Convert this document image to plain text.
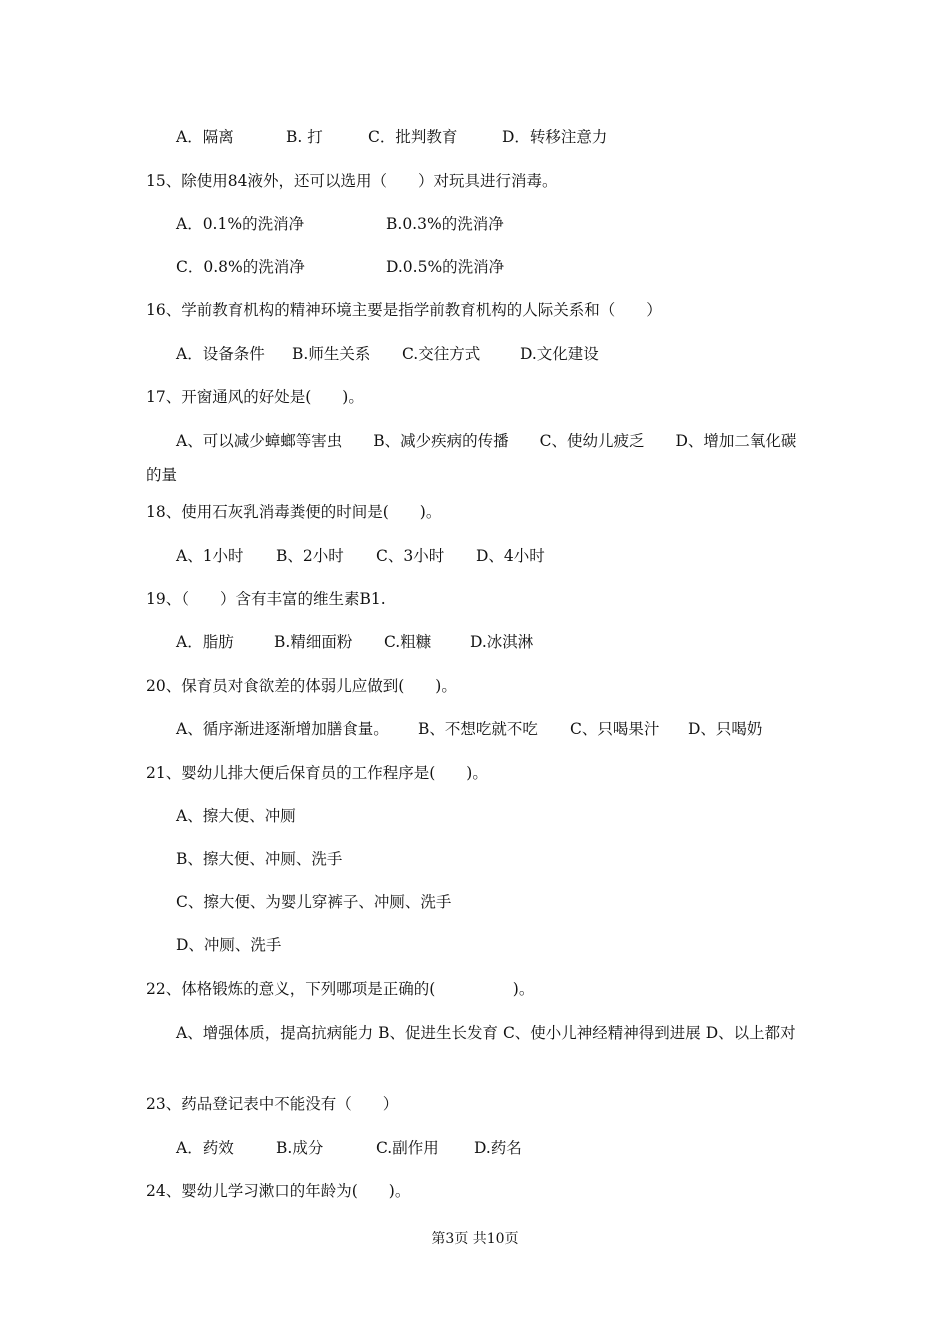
A．隔离	B. 打	C．批判教育	D．转移注意力
15、除使用84液外，还可以选用（　　）对玩具进行消毒。
A．0.1%的洗消净	B.0.3%的洗消净
C．0.8%的洗消净	D.0.5%的洗消净
16、学前教育机构的精神环境主要是指学前教育机构的人际关系和（　　）
A．设备条件 B.师生关系 C.交往方式	D.文化建设
17、开窗通风的好处是(　　)。
A、可以减少蟑螂等害虫　　B、减少疾病的传播　　C、使幼儿疲乏　　D、增加二氧化碳的量
18、使用石灰乳消毒粪便的时间是(　　)。
A、1小时 B、2小时 C、3小时 D、4小时
19、（　　）含有丰富的维生素B1.
A．脂肪	B.精细面粉 C.粗糠	D.冰淇淋
20、保育员对食欲差的体弱儿应做到(　　)。
A、循序渐进逐渐增加膳食量。 B、不想吃就不吃 C、只喝果汁 D、只喝奶
21、婴幼儿排大便后保育员的工作程序是(　　)。
A、擦大便、冲厕
B、擦大便、冲厕、洗手
C、擦大便、为婴儿穿裤子、冲厕、洗手
D、冲厕、洗手
22、体格锻炼的意义，下列哪项是正确的(　　　　　)。
A、增强体质，提高抗病能力 B、促进生长发育 C、使小儿神经精神得到进展 D、以上都对
23、药品登记表中不能没有（　　）
A．药效	B.成分	C.副作用 D.药名
24、婴幼儿学习漱口的年龄为(　　)。
第3页 共10页
